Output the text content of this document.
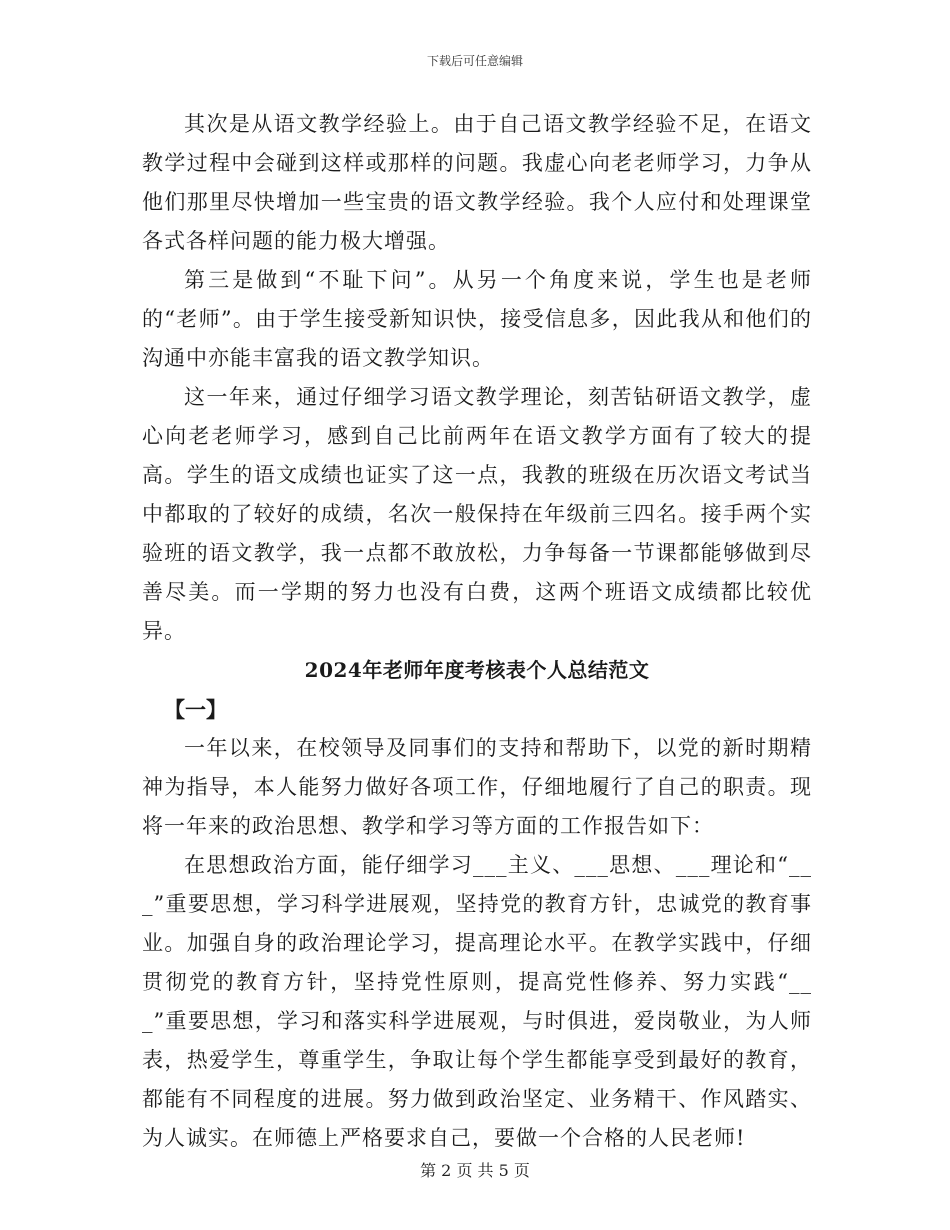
下载后可任意编辑

其次是从语文教学经验上。由于自己语文教学经验不足，在语文教学过程中会碰到这样或那样的问题。我虚心向老老师学习，力争从他们那里尽快增加一些宝贵的语文教学经验。我个人应付和处理课堂各式各样问题的能力极大增强。

第三是做到“不耻下问”。从另一个角度来说，学生也是老师的“老师”。由于学生接受新知识快，接受信息多，因此我从和他们的沟通中亦能丰富我的语文教学知识。

这一年来，通过仔细学习语文教学理论，刻苦钻研语文教学，虚心向老老师学习，感到自己比前两年在语文教学方面有了较大的提高。学生的语文成绩也证实了这一点，我教的班级在历次语文考试当中都取的了较好的成绩，名次一般保持在年级前三四名。接手两个实验班的语文教学，我一点都不敢放松，力争每备一节课都能够做到尽善尽美。而一学期的努力也没有白费，这两个班语文成绩都比较优异。

2024年老师年度考核表个人总结范文

【一】

一年以来，在校领导及同事们的支持和帮助下，以党的新时期精神为指导，本人能努力做好各项工作，仔细地履行了自己的职责。现将一年来的政治思想、教学和学习等方面的工作报告如下：

在思想政治方面，能仔细学习___主义、___思想、___理论和“___”重要思想，学习科学进展观，坚持党的教育方针，忠诚党的教育事业。加强自身的政治理论学习，提高理论水平。在教学实践中，仔细贯彻党的教育方针，坚持党性原则，提高党性修养、努力实践“___”重要思想，学习和落实科学进展观，与时俱进，爱岗敬业，为人师表，热爱学生，尊重学生，争取让每个学生都能享受到最好的教育，都能有不同程度的进展。努力做到政治坚定、业务精干、作风踏实、为人诚实。在师德上严格要求自己，要做一个合格的人民老师!

第 2 页 共 5 页
